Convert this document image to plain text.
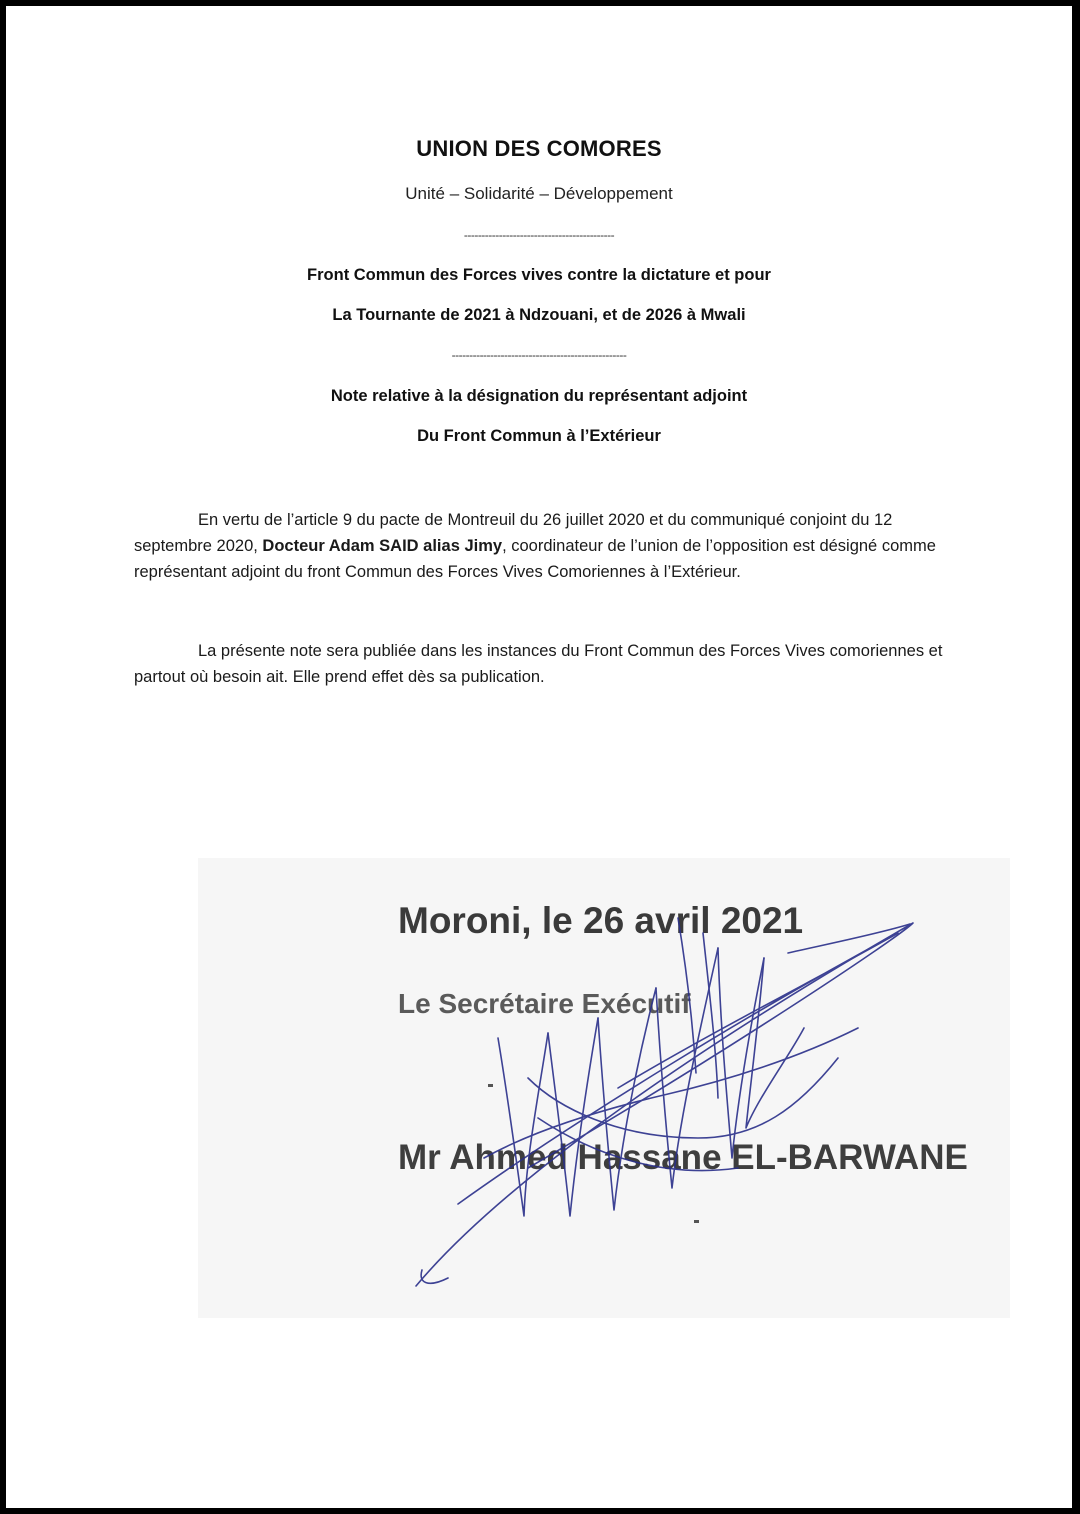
UNION DES COMORES
Unité – Solidarité – Développement
-------------------------------------------
Front Commun des Forces vives contre la dictature et pour
La Tournante de 2021 à Ndzouani, et de 2026 à Mwali
--------------------------------------------------
Note relative à la désignation du représentant adjoint
Du Front Commun à l’Extérieur
En vertu de l’article 9 du pacte de Montreuil du 26 juillet 2020 et du communiqué conjoint du 12 septembre 2020, Docteur Adam SAID alias Jimy, coordinateur de l’union de l’opposition est désigné comme représentant adjoint du front Commun des Forces Vives Comoriennes à l’Extérieur.
La présente note sera publiée dans les instances du Front Commun des Forces Vives comoriennes et partout où besoin ait. Elle prend effet dès sa publication.
Moroni, le 26 avril 2021
Le Secrétaire Exécutif
Mr Ahmed Hassane EL-BARWANE
